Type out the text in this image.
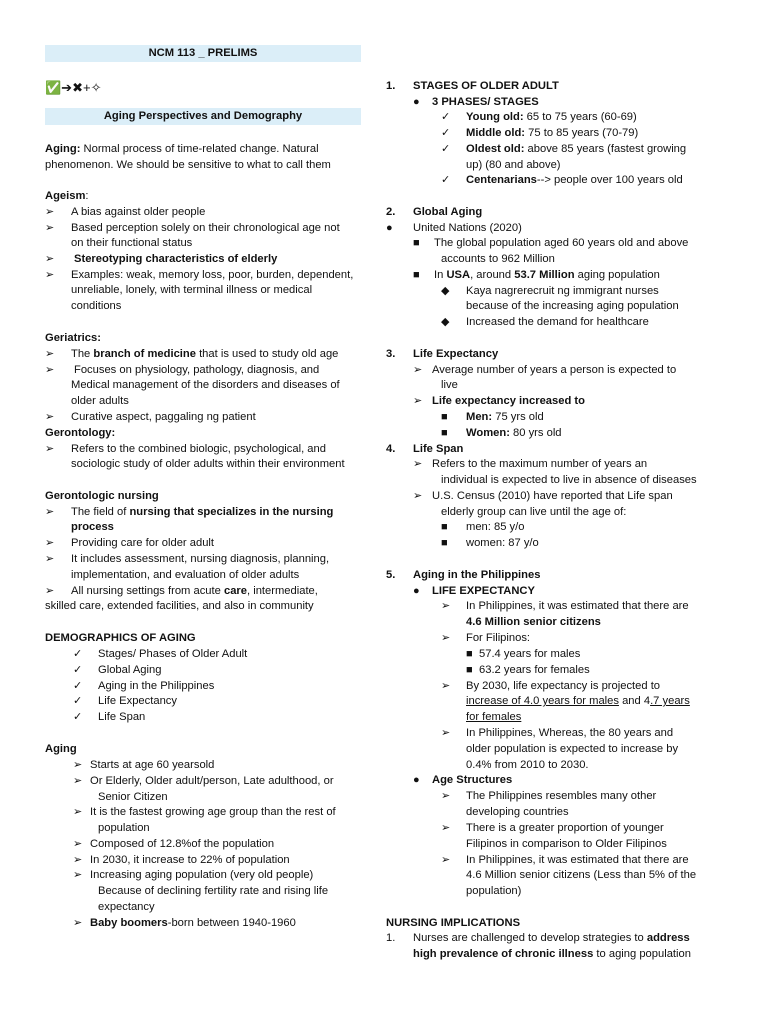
NCM 113 _ PRELIMS
✅➔✖+✧
Aging Perspectives and Demography
Aging: Normal process of time-related change. Natural
phenomenon. We should be sensitive to what to call them
Ageism:
➢ A bias against older people
➢ Based perception solely on their chronological age not
on their functional status
➢ Stereotyping characteristics of elderly
➢ Examples: weak, memory loss, poor, burden, dependent,
unreliable, lonely, with terminal illness or medical
conditions
Geriatrics:
➢ The branch of medicine that is used to study old age
➢ Focuses on physiology, pathology, diagnosis, and
Medical management of the disorders and diseases of
older adults
➢ Curative aspect, paggaling ng patient
Gerontology:
➢ Refers to the combined biologic, psychological, and
sociologic study of older adults within their environment
Gerontologic nursing
➢ The field of nursing that specializes in the nursing
process
➢ Providing care for older adult
➢ It includes assessment, nursing diagnosis, planning,
implementation, and evaluation of older adults
➢ All nursing settings from acute care, intermediate,
skilled care, extended facilities, and also in community
DEMOGRAPHICS OF AGING
✓ Stages/ Phases of Older Adult
✓ Global Aging
✓ Aging in the Philippines
✓ Life Expectancy
✓ Life Span
Aging
➢ Starts at age 60 yearsold
➢ Or Elderly, Older adult/person, Late adulthood, or
Senior Citizen
➢ It is the fastest growing age group than the rest of
population
➢ Composed of 12.8%of the population
➢ In 2030, it increase to 22% of population
➢ Increasing aging population (very old people)
Because of declining fertility rate and rising life
expectancy
➢ Baby boomers-born between 1940-1960
1. STAGES OF OLDER ADULT
● 3 PHASES/ STAGES
✓ Young old: 65 to 75 years (60-69)
✓ Middle old: 75 to 85 years (70-79)
✓ Oldest old: above 85 years (fastest growing
up) (80 and above)
✓ Centenarians--> people over 100 years old
2. Global Aging
● United Nations (2020)
■ The global population aged 60 years old and above
accounts to 962 Million
■ In USA, around 53.7 Million aging population
◆ Kaya nagrerecruit ng immigrant nurses
because of the increasing aging population
◆ Increased the demand for healthcare
3. Life Expectancy
➢ Average number of years a person is expected to
live
➢ Life expectancy increased to
■ Men: 75 yrs old
■ Women: 80 yrs old
4. Life Span
➢ Refers to the maximum number of years an
individual is expected to live in absence of diseases
➢ U.S. Census (2010) have reported that Life span
elderly group can live until the age of:
■ men: 85 y/o
■ women: 87 y/o
5. Aging in the Philippines
● LIFE EXPECTANCY
➢ In Philippines, it was estimated that there are
4.6 Million senior citizens
➢ For Filipinos:
■ 57.4 years for males
■ 63.2 years for females
➢ By 2030, life expectancy is projected to
increase of 4.0 years for males and 4.7 years
for females
➢ In Philippines, Whereas, the 80 years and
older population is expected to increase by
0.4% from 2010 to 2030.
● Age Structures
➢ The Philippines resembles many other
developing countries
➢ There is a greater proportion of younger
Filipinos in comparison to Older Filipinos
➢ In Philippines, it was estimated that there are
4.6 Million senior citizens (Less than 5% of the
population)
NURSING IMPLICATIONS
1. Nurses are challenged to develop strategies to address
high prevalence of chronic illness to aging population
